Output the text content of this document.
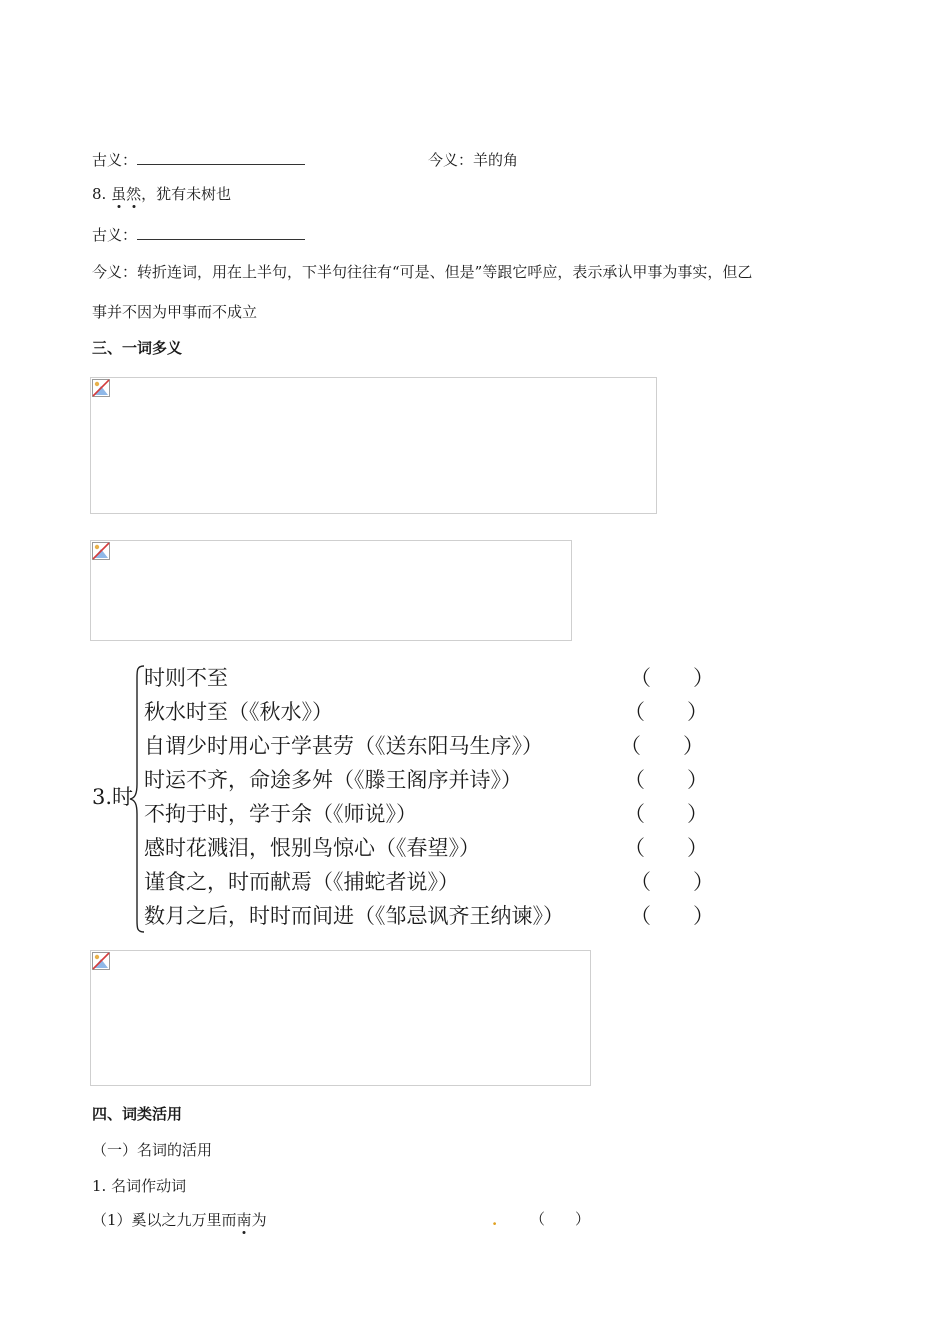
古义：	今义：羊的角
8. 虽然，犹有未树也
古义：
今义：转折连词，用在上半句，下半句往往有“可是、但是”等跟它呼应，表示承认甲事为事实，但乙
事并不因为甲事而不成立
三、一词多义
3.时
时则不至
秋水时至（《秋水》）
自谓少时用心于学甚劳（《送东阳马生序》）
时运不齐，命途多舛（《滕王阁序并诗》）
不拘于时，学于余（《师说》）
感时花溅泪，恨别鸟惊心（《春望》）
谨食之，时而献焉（《捕蛇者说》）
数月之后，时时而间进（《邹忌讽齐王纳谏》）
（　　）
（　　）
（　　）
（　　）
（　　）
（　　）
（　　）
（　　）
四、词类活用
（一）名词的活用
1. 名词作动词
（1）奚以之九万里而南为	. （　　）
